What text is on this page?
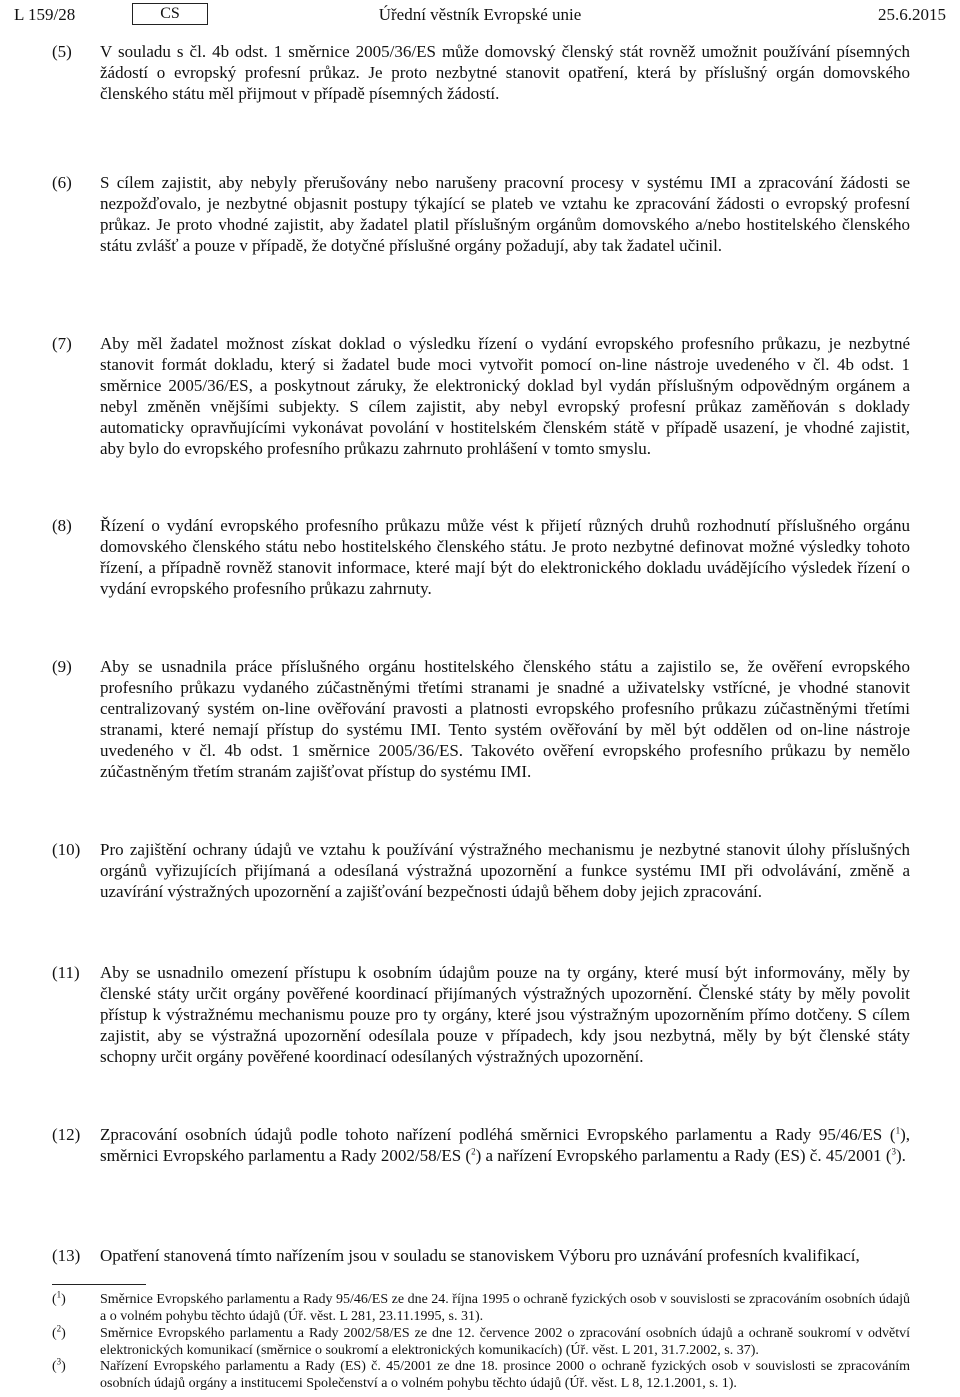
L 159/28	CS	Úřední věstník Evropské unie	25.6.2015
(5) V souladu s čl. 4b odst. 1 směrnice 2005/36/ES může domovský členský stát rovněž umožnit používání písemných žádostí o evropský profesní průkaz. Je proto nezbytné stanovit opatření, která by příslušný orgán domovského členského státu měl přijmout v případě písemných žádostí.
(6) S cílem zajistit, aby nebyly přerušovány nebo narušeny pracovní procesy v systému IMI a zpracování žádosti se nezpožďovalo, je nezbytné objasnit postupy týkající se plateb ve vztahu ke zpracování žádosti o evropský profesní průkaz. Je proto vhodné zajistit, aby žadatel platil příslušným orgánům domovského a/nebo hostitelského členského státu zvlášť a pouze v případě, že dotyčné příslušné orgány požadují, aby tak žadatel učinil.
(7) Aby měl žadatel možnost získat doklad o výsledku řízení o vydání evropského profesního průkazu, je nezbytné stanovit formát dokladu, který si žadatel bude moci vytvořit pomocí on-line nástroje uvedeného v čl. 4b odst. 1 směrnice 2005/36/ES, a poskytnout záruky, že elektronický doklad byl vydán příslušným odpovědným orgánem a nebyl změněn vnějšími subjekty. S cílem zajistit, aby nebyl evropský profesní průkaz zaměňován s doklady automaticky opravňujícími vykonávat povolání v hostitelském členském státě v případě usazení, je vhodné zajistit, aby bylo do evropského profesního průkazu zahrnuto prohlášení v tomto smyslu.
(8) Řízení o vydání evropského profesního průkazu může vést k přijetí různých druhů rozhodnutí příslušného orgánu domovského členského státu nebo hostitelského členského státu. Je proto nezbytné definovat možné výsledky tohoto řízení, a případně rovněž stanovit informace, které mají být do elektronického dokladu uvádějícího výsledek řízení o vydání evropského profesního průkazu zahrnuty.
(9) Aby se usnadnila práce příslušného orgánu hostitelského členského státu a zajistilo se, že ověření evropského profesního průkazu vydaného zúčastněnými třetími stranami je snadné a uživatelsky vstřícné, je vhodné stanovit centralizovaný systém on-line ověřování pravosti a platnosti evropského profesního průkazu zúčastněnými třetími stranami, které nemají přístup do systému IMI. Tento systém ověřování by měl být oddělen od on-line nástroje uvedeného v čl. 4b odst. 1 směrnice 2005/36/ES. Takovéto ověření evropského profesního průkazu by nemělo zúčastněným třetím stranám zajišťovat přístup do systému IMI.
(10) Pro zajištění ochrany údajů ve vztahu k používání výstražného mechanismu je nezbytné stanovit úlohy příslušných orgánů vyřizujících přijímaná a odesílaná výstražná upozornění a funkce systému IMI při odvolávání, změně a uzavírání výstražných upozornění a zajišťování bezpečnosti údajů během doby jejich zpracování.
(11) Aby se usnadnilo omezení přístupu k osobním údajům pouze na ty orgány, které musí být informovány, měly by členské státy určit orgány pověřené koordinací přijímaných výstražných upozornění. Členské státy by měly povolit přístup k výstražnému mechanismu pouze pro ty orgány, které jsou výstražným upozorněním přímo dotčeny. S cílem zajistit, aby se výstražná upozornění odesílala pouze v případech, kdy jsou nezbytná, měly by být členské státy schopny určit orgány pověřené koordinací odesílaných výstražných upozornění.
(12) Zpracování osobních údajů podle tohoto nařízení podléhá směrnici Evropského parlamentu a Rady 95/46/ES ($^1$), směrnici Evropského parlamentu a Rady 2002/58/ES ($^2$) a nařízení Evropského parlamentu a Rady (ES) č. 45/2001 ($^3$).
(13) Opatření stanovená tímto nařízením jsou v souladu se stanoviskem Výboru pro uznávání profesních kvalifikací,
($^1$) Směrnice Evropského parlamentu a Rady 95/46/ES ze dne 24. října 1995 o ochraně fyzických osob v souvislosti se zpracováním osobních údajů a o volném pohybu těchto údajů (Úř. věst. L 281, 23.11.1995, s. 31).
($^2$) Směrnice Evropského parlamentu a Rady 2002/58/ES ze dne 12. července 2002 o zpracování osobních údajů a ochraně soukromí v odvětví elektronických komunikací (směrnice o soukromí a elektronických komunikacích) (Úř. věst. L 201, 31.7.2002, s. 37).
($^3$) Nařízení Evropského parlamentu a Rady (ES) č. 45/2001 ze dne 18. prosince 2000 o ochraně fyzických osob v souvislosti se zpracováním osobních údajů orgány a institucemi Společenství a o volném pohybu těchto údajů (Úř. věst. L 8, 12.1.2001, s. 1).
